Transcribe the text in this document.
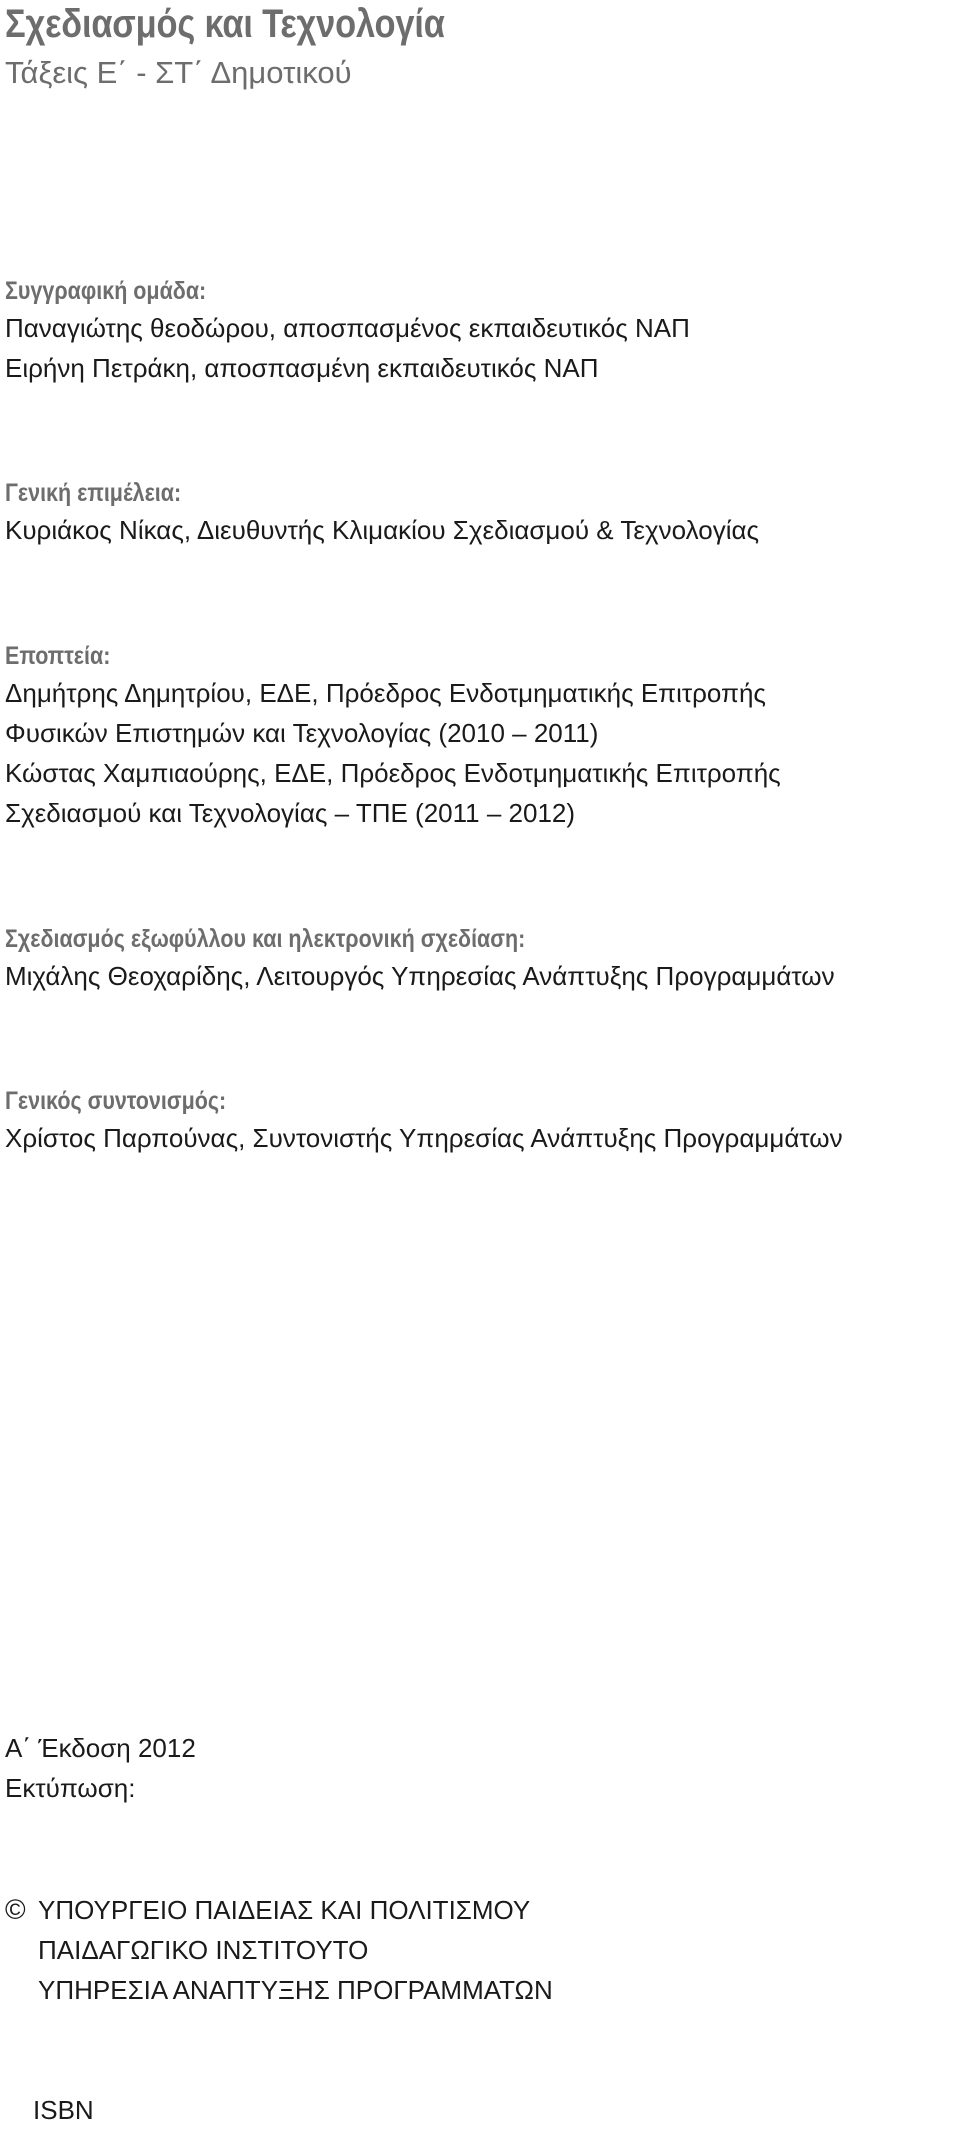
Σχεδιασμός και Τεχνολογία
Τάξεις Ε΄ - ΣΤ΄ Δημοτικού
Συγγραφική ομάδα:
Παναγιώτης θεοδώρου, αποσπασμένος εκπαιδευτικός ΝΑΠ
Ειρήνη Πετράκη, αποσπασμένη εκπαιδευτικός ΝΑΠ
Γενική επιμέλεια:
Κυριάκος Νίκας, Διευθυντής Κλιμακίου Σχεδιασμού & Τεχνολογίας
Εποπτεία:
Δημήτρης Δημητρίου, ΕΔΕ, Πρόεδρος Ενδοτμηματικής Επιτροπής
Φυσικών Επιστημών και Τεχνολογίας (2010 – 2011)
Κώστας Χαμπιαούρης, ΕΔΕ, Πρόεδρος Ενδοτμηματικής Επιτροπής
Σχεδιασμού και Τεχνολογίας – ΤΠΕ (2011 – 2012)
Σχεδιασμός εξωφύλλου και ηλεκτρονική σχεδίαση:
Μιχάλης Θεοχαρίδης, Λειτουργός Υπηρεσίας Ανάπτυξης Προγραμμάτων
Γενικός συντονισμός:
Χρίστος Παρπούνας, Συντονιστής Υπηρεσίας Ανάπτυξης Προγραμμάτων
Α΄ Έκδοση 2012
Εκτύπωση:
© ΥΠΟΥΡΓΕΙΟ ΠΑΙΔΕΙΑΣ ΚΑΙ ΠΟΛΙΤΙΣΜΟΥ
ΠΑΙΔΑΓΩΓΙΚΟ ΙΝΣΤΙΤΟΥΤΟ
ΥΠΗΡΕΣΙΑ ΑΝΑΠΤΥΞΗΣ ΠΡΟΓΡΑΜΜΑΤΩΝ
ISBN
